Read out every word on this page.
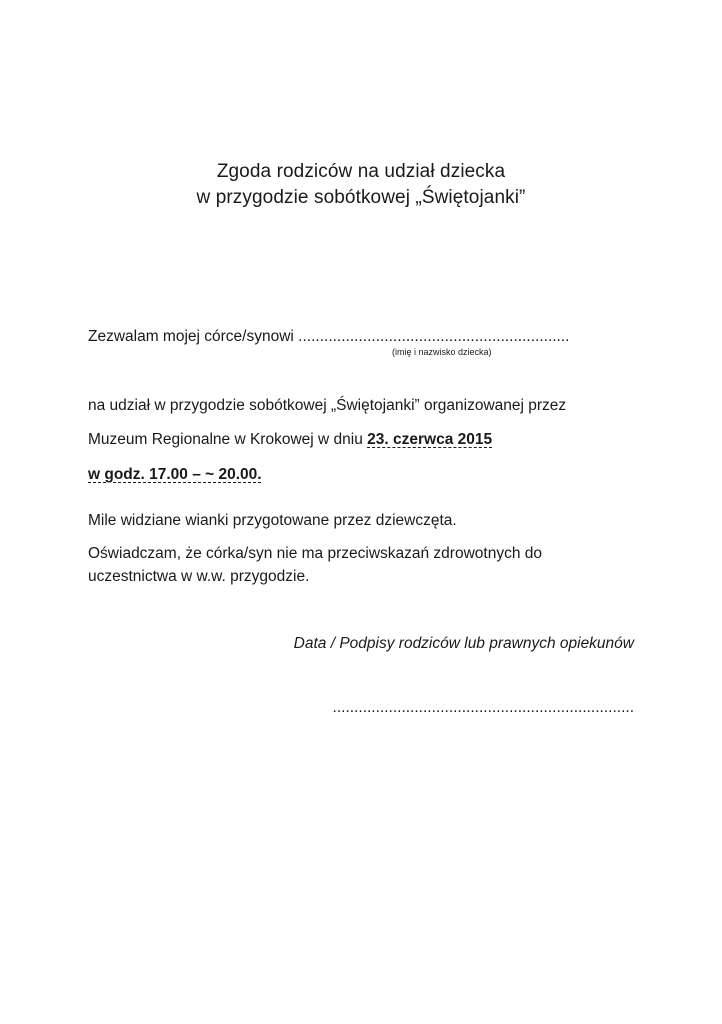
Zgoda rodziców na udział dziecka
w przygodzie sobótkowej „Świętojanki”
Zezwalam mojej córce/synowi ...............................................................
(imię i nazwisko dziecka)
na udział w przygodzie sobótkowej „Świętojanki” organizowanej przez
Muzeum Regionalne w Krokowej w dniu 23. czerwca 2015
w godz. 17.00 – ~ 20.00.
Mile widziane wianki przygotowane przez dziewczęta.
Oświadczam, że córka/syn nie ma przeciwskazań zdrowotnych do
uczestnictwa w w.w. przygodzie.
Data / Podpisy rodziców lub prawnych opiekunów
......................................................................
